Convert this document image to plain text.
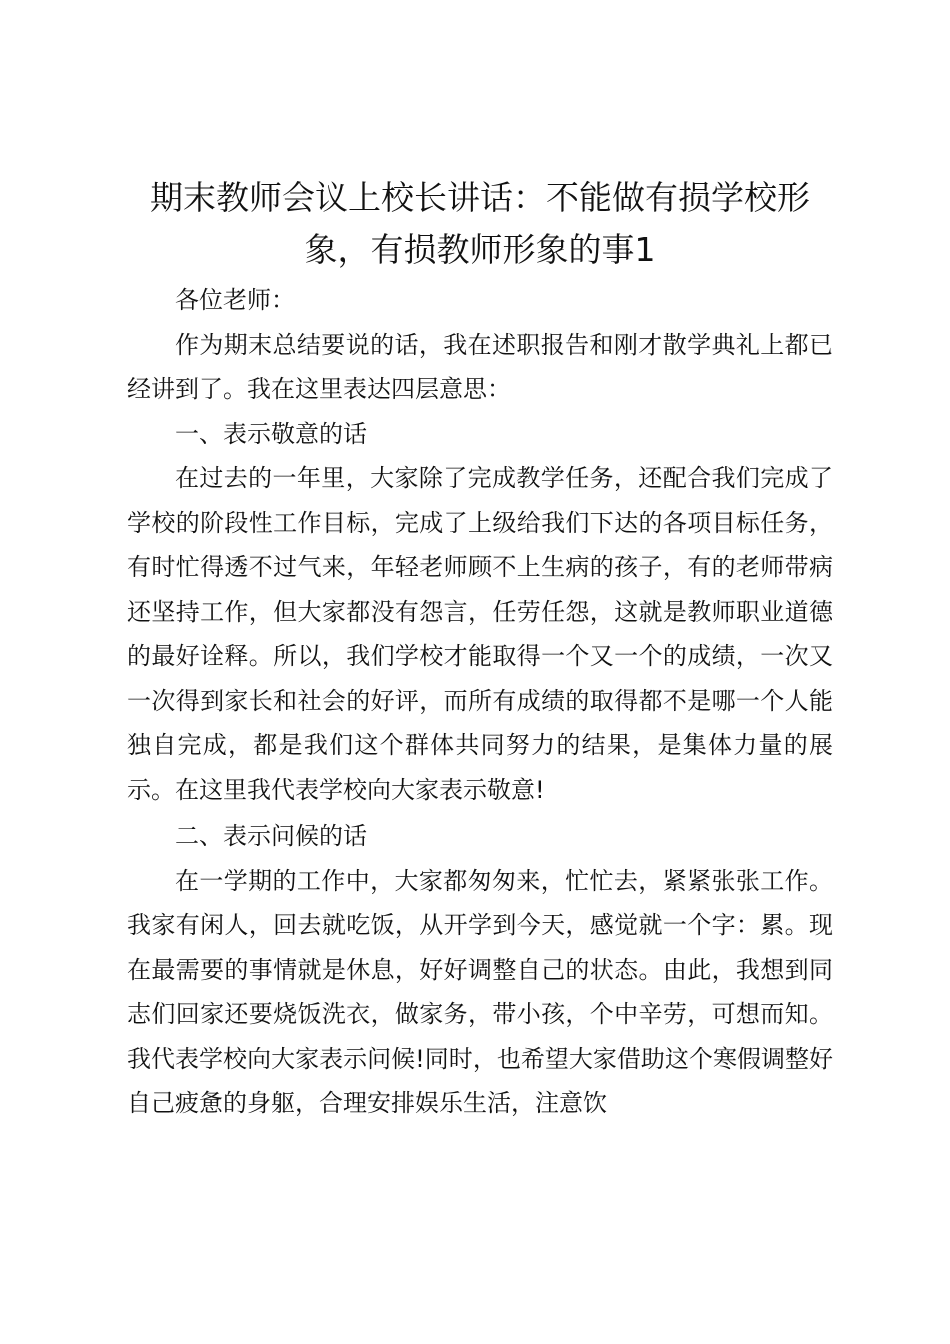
期末教师会议上校长讲话：不能做有损学校形象，有损教师形象的事1

各位老师：

作为期末总结要说的话，我在述职报告和刚才散学典礼上都已经讲到了。我在这里表达四层意思：

一、表示敬意的话

在过去的一年里，大家除了完成教学任务，还配合我们完成了学校的阶段性工作目标，完成了上级给我们下达的各项目标任务，有时忙得透不过气来，年轻老师顾不上生病的孩子，有的老师带病还坚持工作，但大家都没有怨言，任劳任怨，这就是教师职业道德的最好诠释。所以，我们学校才能取得一个又一个的成绩，一次又一次得到家长和社会的好评，而所有成绩的取得都不是哪一个人能独自完成，都是我们这个群体共同努力的结果，是集体力量的展示。在这里我代表学校向大家表示敬意!

二、表示问候的话

在一学期的工作中，大家都匆匆来，忙忙去，紧紧张张工作。我家有闲人，回去就吃饭，从开学到今天，感觉就一个字：累。现在最需要的事情就是休息，好好调整自己的状态。由此，我想到同志们回家还要烧饭洗衣，做家务，带小孩，个中辛劳，可想而知。我代表学校向大家表示问候!同时，也希望大家借助这个寒假调整好自己疲惫的身躯，合理安排娱乐生活，注意饮
